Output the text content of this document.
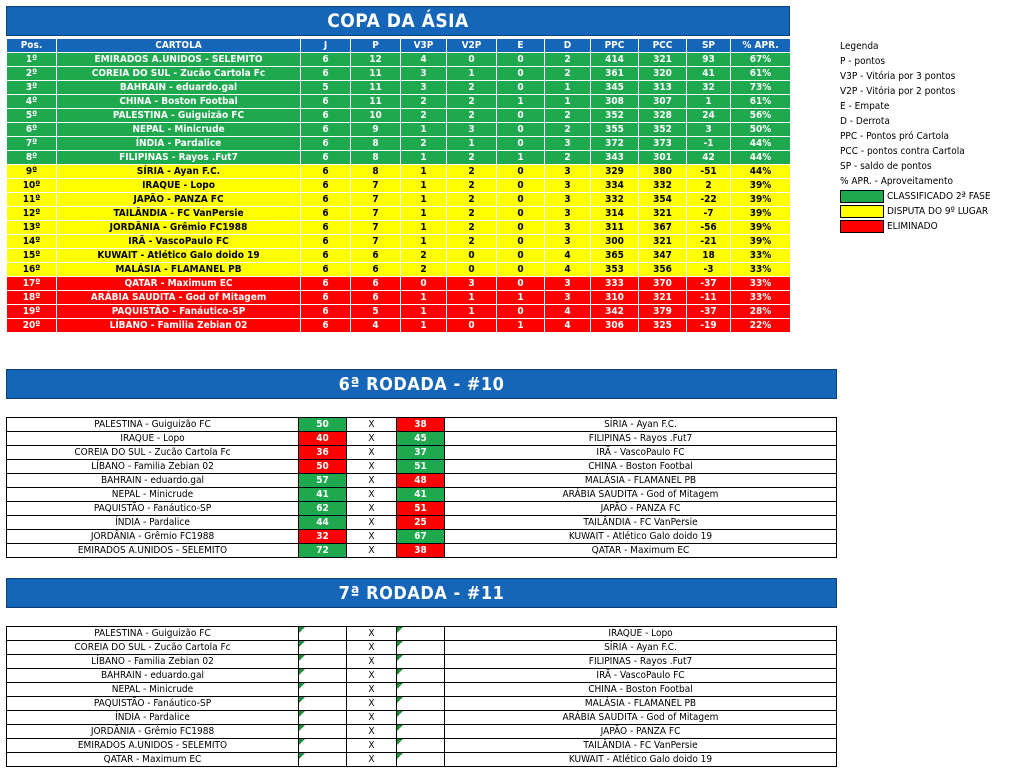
COPA DA ÁSIA
Pos.	CARTOLA	J	P	V3P	V2P	E	D	PPC	PCC	SP	% APR.
1º	EMIRADOS A.UNIDOS - SELEMITO	6	12	4	0	0	2	414	321	93	67%
2º	COREIA DO SUL - Zucão Cartola Fc	6	11	3	1	0	2	361	320	41	61%
3º	BAHRAIN - eduardo.gal	5	11	3	2	0	1	345	313	32	73%
4º	CHINA - Boston Footbal	6	11	2	2	1	1	308	307	1	61%
5º	PALESTINA - Guiguizão FC	6	10	2	2	0	2	352	328	24	56%
6º	NEPAL - Minicrude	6	9	1	3	0	2	355	352	3	50%
7º	ÍNDIA - Pardalice	6	8	2	1	0	3	372	373	-1	44%
8º	FILIPINAS - Rayos .Fut7	6	8	1	2	1	2	343	301	42	44%
9º	SÍRIA - Ayan F.C.	6	8	1	2	0	3	329	380	-51	44%
10º	IRAQUE - Lopo	6	7	1	2	0	3	334	332	2	39%
11º	JAPÃO - PANZA FC	6	7	1	2	0	3	332	354	-22	39%
12º	TAILÂNDIA - FC VanPersie	6	7	1	2	0	3	314	321	-7	39%
13º	JORDÂNIA - Grêmio FC1988	6	7	1	2	0	3	311	367	-56	39%
14º	IRÃ - VascoPaulo FC	6	7	1	2	0	3	300	321	-21	39%
15º	KUWAIT - Atlético Galo doido 19	6	6	2	0	0	4	365	347	18	33%
16º	MALÁSIA - FLAMANEL PB	6	6	2	0	0	4	353	356	-3	33%
17º	QATAR - Maximum EC	6	6	0	3	0	3	333	370	-37	33%
18º	ARÁBIA SAUDITA - God of Mitagem	6	6	1	1	1	3	310	321	-11	33%
19º	PAQUISTÃO - Fanáutico-SP	6	5	1	1	0	4	342	379	-37	28%
20º	LÍBANO - Familia Zebian 02	6	4	1	0	1	4	306	325	-19	22%
Legenda
P - pontos
V3P - Vitória por 3 pontos
V2P - Vitória por 2 pontos
E - Empate
D - Derrota
PPC - Pontos pró Cartola
PCC - pontos contra Cartola
SP - saldo de pontos
% APR. - Aproveitamento
CLASSIFICADO 2ª FASE
DISPUTA DO 9º LUGAR
ELIMINADO
6ª RODADA - #10
PALESTINA - Guiguizão FC	50	X	38	SÍRIA - Ayan F.C.
IRAQUE - Lopo	40	X	45	FILIPINAS - Rayos .Fut7
COREIA DO SUL - Zucão Cartola Fc	36	X	37	IRÃ - VascoPaulo FC
LÍBANO - Familia Zebian 02	50	X	51	CHINA - Boston Footbal
BAHRAIN - eduardo.gal	57	X	48	MALÁSIA - FLAMANEL PB
NEPAL - Minicrude	41	X	41	ARÁBIA SAUDITA - God of Mitagem
PAQUISTÃO - Fanáutico-SP	62	X	51	JAPÃO - PANZA FC
ÍNDIA - Pardalice	44	X	25	TAILÂNDIA - FC VanPersie
JORDÂNIA - Grêmio FC1988	32	X	67	KUWAIT - Atlético Galo doido 19
EMIRADOS A.UNIDOS - SELEMITO	72	X	38	QATAR - Maximum EC
7ª RODADA - #11
PALESTINA - Guiguizão FC		X		IRAQUE - Lopo
COREIA DO SUL - Zucão Cartola Fc		X		SÍRIA - Ayan F.C.
LÍBANO - Familia Zebian 02		X		FILIPINAS - Rayos .Fut7
BAHRAIN - eduardo.gal		X		IRÃ - VascoPaulo FC
NEPAL - Minicrude		X		CHINA - Boston Footbal
PAQUISTÃO - Fanáutico-SP		X		MALÁSIA - FLAMANEL PB
ÍNDIA - Pardalice		X		ARÁBIA SAUDITA - God of Mitagem
JORDÂNIA - Grêmio FC1988		X		JAPÃO - PANZA FC
EMIRADOS A.UNIDOS - SELEMITO		X		TAILÂNDIA - FC VanPersie
QATAR - Maximum EC		X		KUWAIT - Atlético Galo doido 19
